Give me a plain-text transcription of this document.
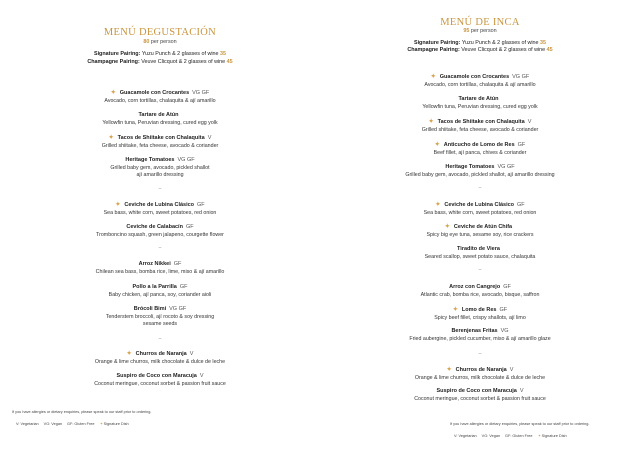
MENÚ DEGUSTACIÓN
80 per person
Signature Pairing: Yuzu Punch & 2 glasses of wine 35
Champagne Pairing: Veuve Clicquot & 2 glasses of wine 45
✦ Guacamole con Crocantes VG GF
Avocado, corn tortillas, chalaquita & ají amarillo
Tartare de Atún
Yellowfin tuna, Peruvian dressing, cured egg yolk
✦ Tacos de Shiitake con Chalaquita V
Grilled shiitake, feta cheese, avocado & coriander
Heritage Tomatoes VG GF
Grilled baby gem, avocado, pickled shallot
ají amarillo dressing
–
✦ Ceviche de Lubina Clásico GF
Sea bass, white corn, sweet potatoes, red onion
Ceviche de Calabacín GF
Tromboncino squash, green jalapeno, courgette flower
–
Arroz Nikkei GF
Chilean sea bass, bomba rice, lime, miso & ají amarillo
Pollo a la Parrilla GF
Baby chicken, ají panca, soy, coriander aioli
Brócoli Bimi VG GF
Tenderstem broccoli, ají rocoto & soy dressing
sesame seeds
–
✦ Churros de Naranja V
Orange & lime churros, milk chocolate & dulce de leche
Suspiro de Coco con Maracuja V
Coconut meringue, coconut sorbet & passion fruit sauce
If you have allergies or dietary enquiries, please speak to our staff prior to ordering.
V: Vegetarian VG: Vegan GF: Gluten Free ✦Signature Dish
MENÚ DE INCA
95 per person
Signature Pairing: Yuzu Punch & 2 glasses of wine 35
Champagne Pairing: Veuve Clicquot & 2 glasses of wine 45
✦ Guacamole con Crocantes VG GF
Avocado, corn tortillas, chalaquita & ají amarillo
Tartare de Atún
Yellowfin tuna, Peruvian dressing, cured egg yolk
✦ Tacos de Shiitake con Chalaquita V
Grilled shiitake, feta cheese, avocado & coriander
✦ Anticucho de Lomo de Res GF
Beef fillet, ají panca, chives & coriander
Heritage Tomatoes VG GF
Grilled baby gem, avocado, pickled shallot, ají amarillo dressing
–
✦ Ceviche de Lubina Clásico GF
Sea bass, white corn, sweet potatoes, red onion
✦ Ceviche de Atún Chifa
Spicy big eye tuna, sesame soy, rice crackers
Tiradito de Viera
Seared scallop, sweet potato sauce, chalaquita
–
Arroz con Cangrejo GF
Atlantic crab, bomba rice, avocado, bisque, saffron
✦ Lomo de Res GF
Spicy beef fillet, crispy shallots, ají limo
Berenjenas Fritas VG
Fried aubergine, pickled cucumber, miso & ají amarillo glaze
–
✦ Churros de Naranja V
Orange & lime churros, milk chocolate & dulce de leche
Suspiro de Coco con Maracuja V
Coconut meringue, coconut sorbet & passion fruit sauce
If you have allergies or dietary enquiries, please speak to our staff prior to ordering.
V: Vegetarian VG: Vegan GF: Gluten Free ✦Signature Dish
